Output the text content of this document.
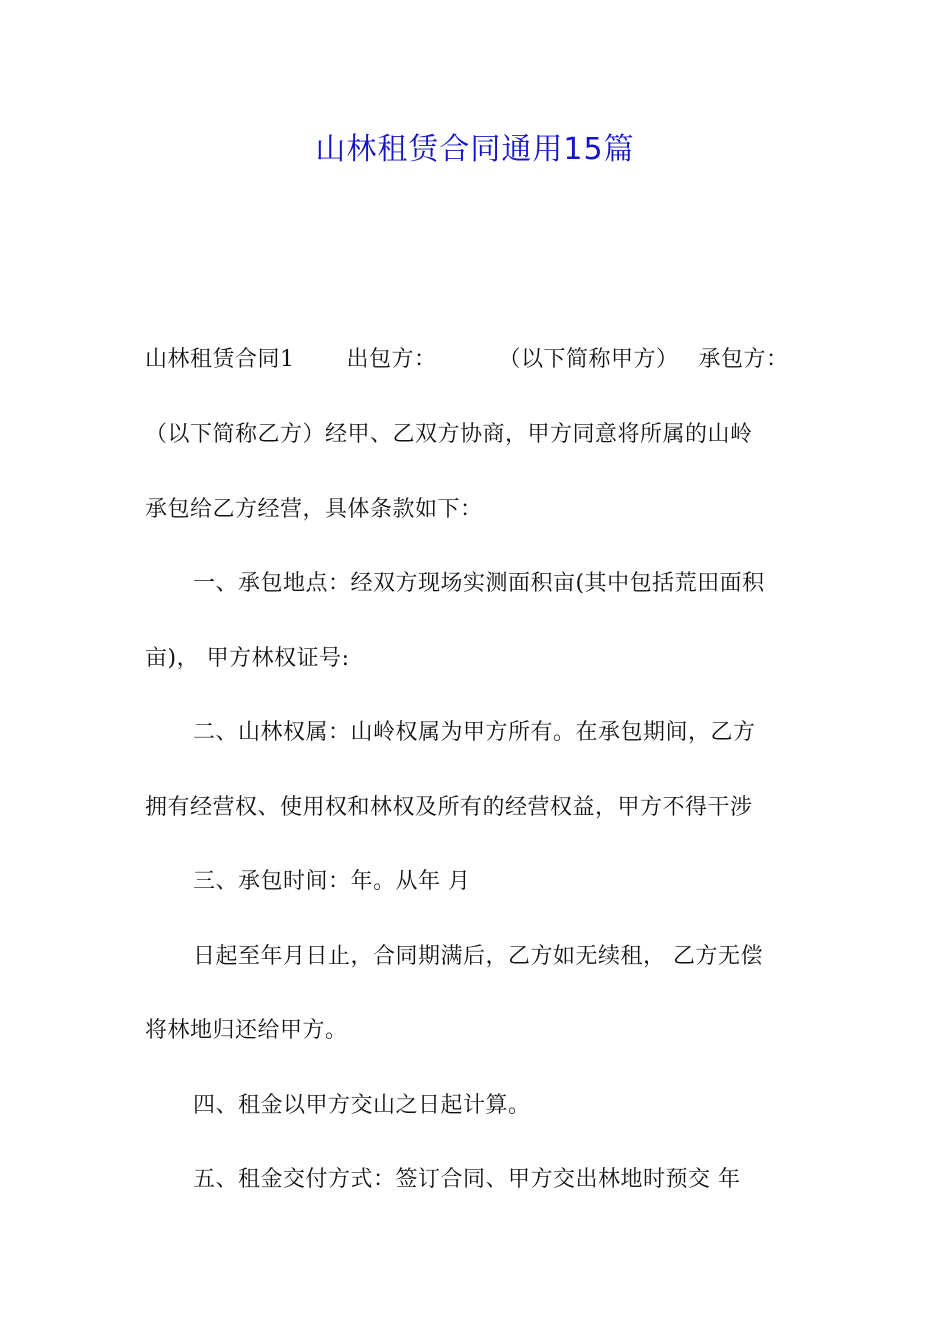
山林租赁合同通用15篇
山林租赁合同1 出包方：	（以下简称甲方） 承包方：
（以下简称乙方）经甲、乙双方协商，甲方同意将所属的山岭
承包给乙方经营，具体条款如下：
一、承包地点：经双方现场实测面积亩(其中包括荒田面积
亩)， 甲方林权证号:
二、山林权属：山岭权属为甲方所有。在承包期间，乙方
拥有经营权、使用权和林权及所有的经营权益，甲方不得干涉
三、承包时间：年。从年 月
日起至年月日止，合同期满后，乙方如无续租， 乙方无偿
将林地归还给甲方。
四、租金以甲方交山之日起计算。
五、租金交付方式：签订合同、甲方交出林地时预交 年
